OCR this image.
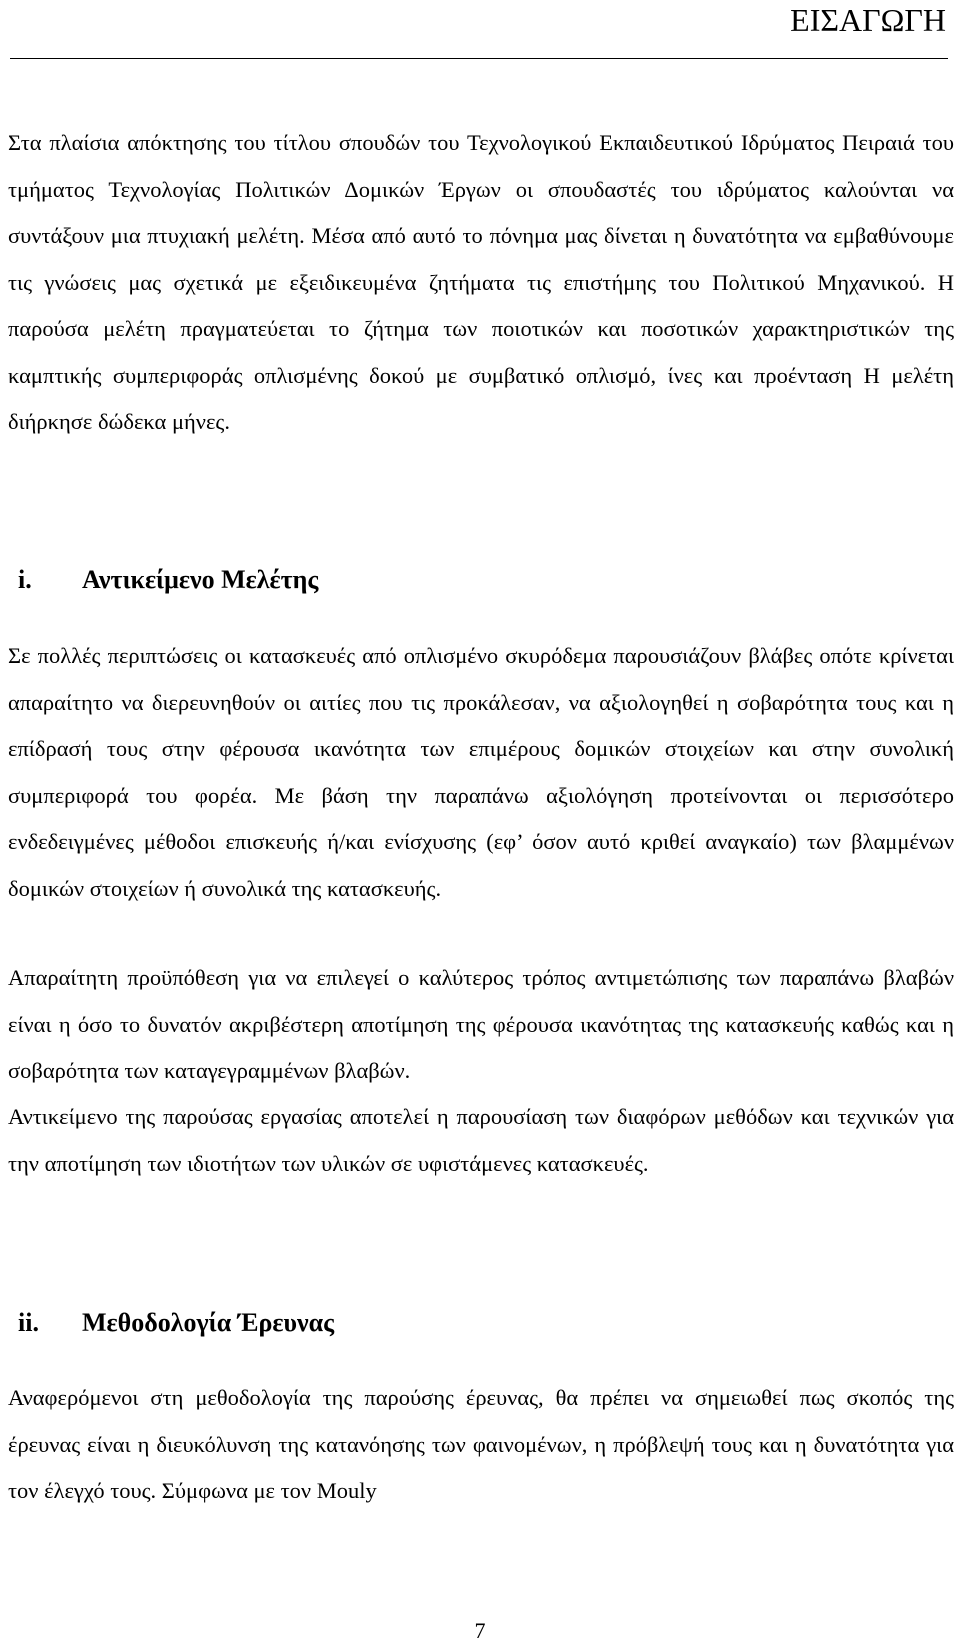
ΕΙΣΑΓΩΓΗ

Στα πλαίσια απόκτησης του τίτλου σπουδών του Τεχνολογικού Εκπαιδευτικού Ιδρύματος Πειραιά του τμήματος Τεχνολογίας Πολιτικών Δομικών Έργων οι σπουδαστές του ιδρύματος καλούνται να συντάξουν μια πτυχιακή μελέτη. Μέσα από αυτό το πόνημα μας δίνεται η δυνατότητα να εμβαθύνουμε τις γνώσεις μας σχετικά με εξειδικευμένα ζητήματα τις επιστήμης του Πολιτικού Μηχανικού. Η παρούσα μελέτη πραγματεύεται το ζήτημα των ποιοτικών και ποσοτικών χαρακτηριστικών της καμπτικής συμπεριφοράς οπλισμένης δοκού με συμβατικό οπλισμό, ίνες και προένταση Η μελέτη διήρκησε δώδεκα μήνες.

i. Αντικείμενο Μελέτης

Σε πολλές περιπτώσεις οι κατασκευές από οπλισμένο σκυρόδεμα παρουσιάζουν βλάβες οπότε κρίνεται απαραίτητο να διερευνηθούν οι αιτίες που τις προκάλεσαν, να αξιολογηθεί η σοβαρότητα τους και η επίδρασή τους στην φέρουσα ικανότητα των επιμέρους δομικών στοιχείων και στην συνολική συμπεριφορά του φορέα. Με βάση την παραπάνω αξιολόγηση προτείνονται οι περισσότερο ενδεδειγμένες μέθοδοι επισκευής ή/και ενίσχυσης (εφ’ όσον αυτό κριθεί αναγκαίο) των βλαμμένων δομικών στοιχείων ή συνολικά της κατασκευής.

Απαραίτητη προϋπόθεση για να επιλεγεί ο καλύτερος τρόπος αντιμετώπισης των παραπάνω βλαβών είναι η όσο το δυνατόν ακριβέστερη αποτίμηση της φέρουσα ικανότητας της κατασκευής καθώς και η σοβαρότητα των καταγεγραμμένων βλαβών.

Αντικείμενο της παρούσας εργασίας αποτελεί η παρουσίαση των διαφόρων μεθόδων και τεχνικών για την αποτίμηση των ιδιοτήτων των υλικών σε υφιστάμενες κατασκευές.

ii. Μεθοδολογία Έρευνας

Αναφερόμενοι στη μεθοδολογία της παρούσης έρευνας, θα πρέπει να σημειωθεί πως σκοπός της έρευνας είναι η διευκόλυνση της κατανόησης των φαινομένων, η πρόβλεψή τους και η δυνατότητα για τον έλεγχό τους. Σύμφωνα με τον Mouly

7
